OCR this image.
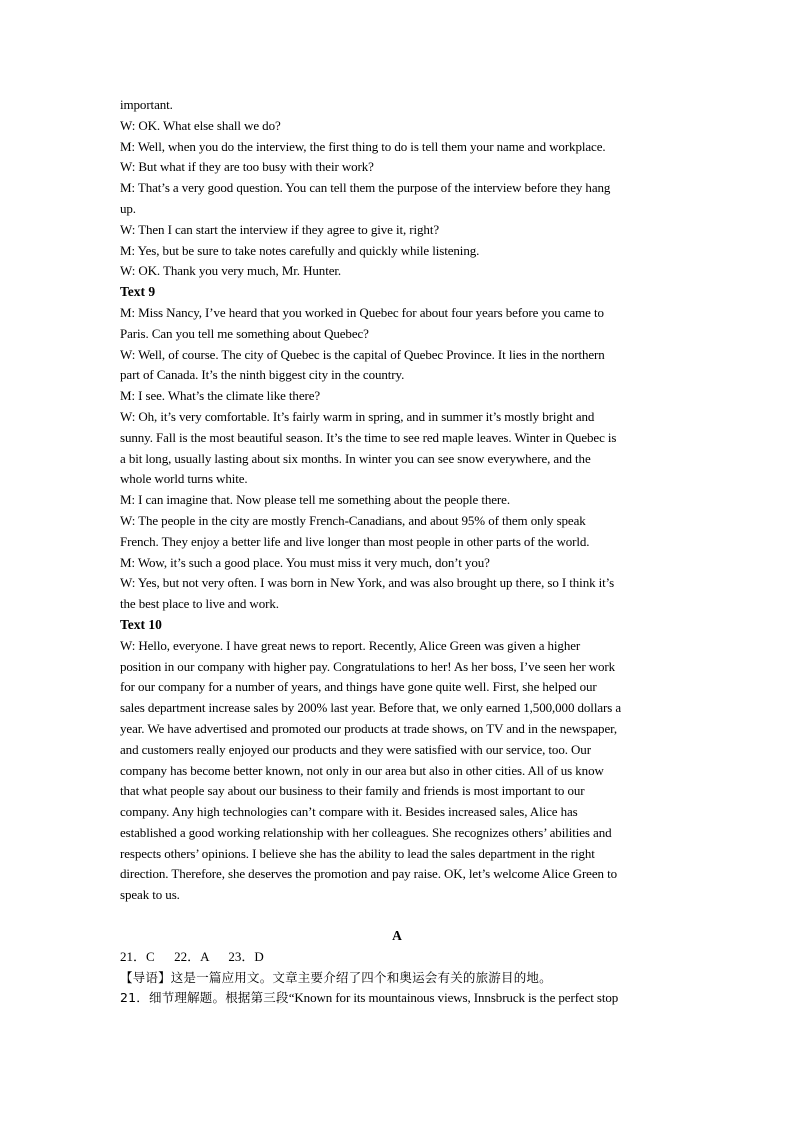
important.
W: OK. What else shall we do?
M: Well, when you do the interview, the first thing to do is tell them your name and workplace.
W: But what if they are too busy with their work?
M: That’s a very good question. You can tell them the purpose of the interview before they hang
up.
W: Then I can start the interview if they agree to give it, right?
M: Yes, but be sure to take notes carefully and quickly while listening.
W: OK. Thank you very much, Mr. Hunter.
Text 9
M: Miss Nancy, I’ve heard that you worked in Quebec for about four years before you came to
Paris. Can you tell me something about Quebec?
W: Well, of course. The city of Quebec is the capital of Quebec Province. It lies in the northern
part of Canada. It’s the ninth biggest city in the country.
M: I see. What’s the climate like there?
W: Oh, it’s very comfortable. It’s fairly warm in spring, and in summer it’s mostly bright and
sunny. Fall is the most beautiful season. It’s the time to see red maple leaves. Winter in Quebec is
a bit long, usually lasting about six months. In winter you can see snow everywhere, and the
whole world turns white.
M: I can imagine that. Now please tell me something about the people there.
W: The people in the city are mostly French-Canadians, and about 95% of them only speak
French. They enjoy a better life and live longer than most people in other parts of the world.
M: Wow, it’s such a good place. You must miss it very much, don’t you?
W: Yes, but not very often. I was born in New York, and was also brought up there, so I think it’s
the best place to live and work.
Text 10
W: Hello, everyone. I have great news to report. Recently, Alice Green was given a higher
position in our company with higher pay. Congratulations to her! As her boss, I’ve seen her work
for our company for a number of years, and things have gone quite well. First, she helped our
sales department increase sales by 200% last year. Before that, we only earned 1,500,000 dollars a
year. We have advertised and promoted our products at trade shows, on TV and in the newspaper,
and customers really enjoyed our products and they were satisfied with our service, too. Our
company has become better known, not only in our area but also in other cities. All of us know
that what people say about our business to their family and friends is most important to our
company. Any high technologies can’t compare with it. Besides increased sales, Alice has
established a good working relationship with her colleagues. She recognizes others’ abilities and
respects others’ opinions. I believe she has the ability to lead the sales department in the right
direction. Therefore, she deserves the promotion and pay raise. OK, let’s welcome Alice Green to
speak to us.
A
21．C      22．A      23．D
【导语】这是一篇应用文。文章主要介绍了四个和奥运会有关的旅游目的地。
21．细节理解题。根据第三段“Known for its mountainous views, Innsbruck is the perfect stop
